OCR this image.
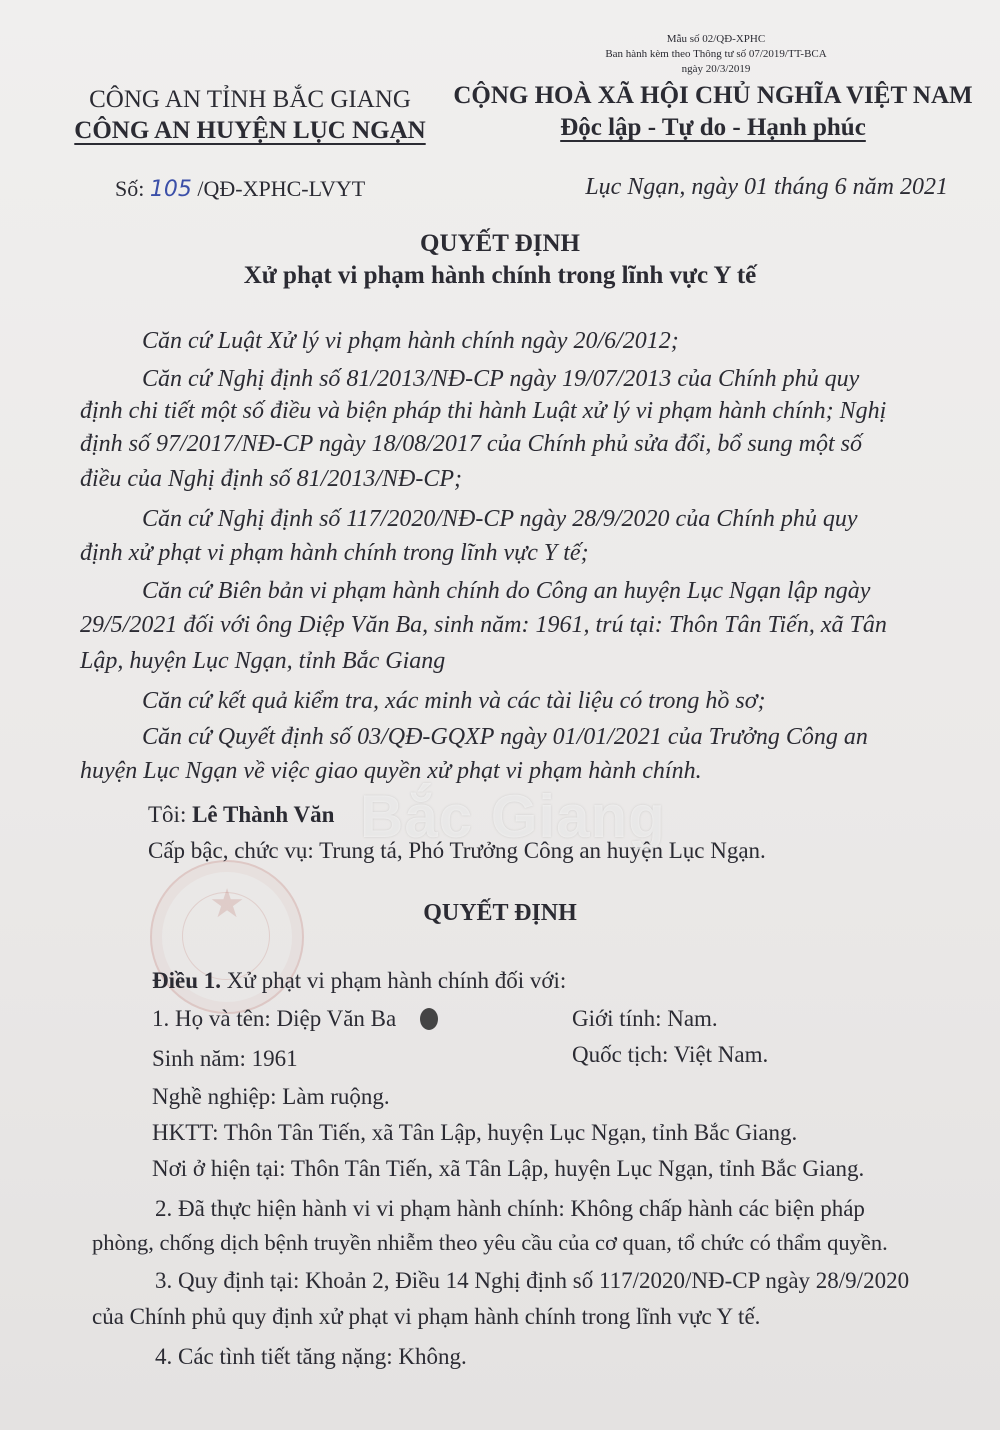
★
Mẫu số 02/QĐ-XPHC
Ban hành kèm theo Thông tư số 07/2019/TT-BCA
ngày 20/3/2019
CÔNG AN TỈNH BẮC GIANG
CÔNG AN HUYỆN LỤC NGẠN
CỘNG HOÀ XÃ HỘI CHỦ NGHĨA VIỆT NAM
Độc lập - Tự do - Hạnh phúc
Số: 105 /QĐ-XPHC-LVYT	Lục Ngạn, ngày 01 tháng 6 năm 2021
QUYẾT ĐỊNH
Xử phạt vi phạm hành chính trong lĩnh vực Y tế
Căn cứ Luật Xử lý vi phạm hành chính ngày 20/6/2012;
Căn cứ Nghị định số 81/2013/NĐ-CP ngày 19/07/2013 của Chính phủ quy
định chi tiết một số điều và biện pháp thi hành Luật xử lý vi phạm hành chính; Nghị
định số 97/2017/NĐ-CP ngày 18/08/2017 của Chính phủ sửa đổi, bổ sung một số
điều của Nghị định số 81/2013/NĐ-CP;
Căn cứ Nghị định số 117/2020/NĐ-CP ngày 28/9/2020 của Chính phủ quy
định xử phạt vi phạm hành chính trong lĩnh vực Y tế;
Căn cứ Biên bản vi phạm hành chính do Công an huyện Lục Ngạn lập ngày
29/5/2021 đối với ông Diệp Văn Ba, sinh năm: 1961, trú tại: Thôn Tân Tiến, xã Tân
Lập, huyện Lục Ngạn, tỉnh Bắc Giang
Căn cứ kết quả kiểm tra, xác minh và các tài liệu có trong hồ sơ;
Căn cứ Quyết định số 03/QĐ-GQXP ngày 01/01/2021 của Trưởng Công an
huyện Lục Ngạn về việc giao quyền xử phạt vi phạm hành chính.
Tôi: Lê Thành Văn
Cấp bậc, chức vụ: Trung tá, Phó Trưởng Công an huyện Lục Ngạn.
QUYẾT ĐỊNH
Điều 1. Xử phạt vi phạm hành chính đối với:
1. Họ và tên: Diệp Văn Ba	Giới tính: Nam.
Sinh năm: 1961	Quốc tịch: Việt Nam.
Nghề nghiệp: Làm ruộng.
HKTT: Thôn Tân Tiến, xã Tân Lập, huyện Lục Ngạn, tỉnh Bắc Giang.
Nơi ở hiện tại: Thôn Tân Tiến, xã Tân Lập, huyện Lục Ngạn, tỉnh Bắc Giang.
2. Đã thực hiện hành vi vi phạm hành chính: Không chấp hành các biện pháp
phòng, chống dịch bệnh truyền nhiễm theo yêu cầu của cơ quan, tổ chức có thẩm quyền.
3. Quy định tại: Khoản 2, Điều 14 Nghị định số 117/2020/NĐ-CP ngày 28/9/2020
của Chính phủ quy định xử phạt vi phạm hành chính trong lĩnh vực Y tế.
4. Các tình tiết tăng nặng: Không.
Bắc Giang
